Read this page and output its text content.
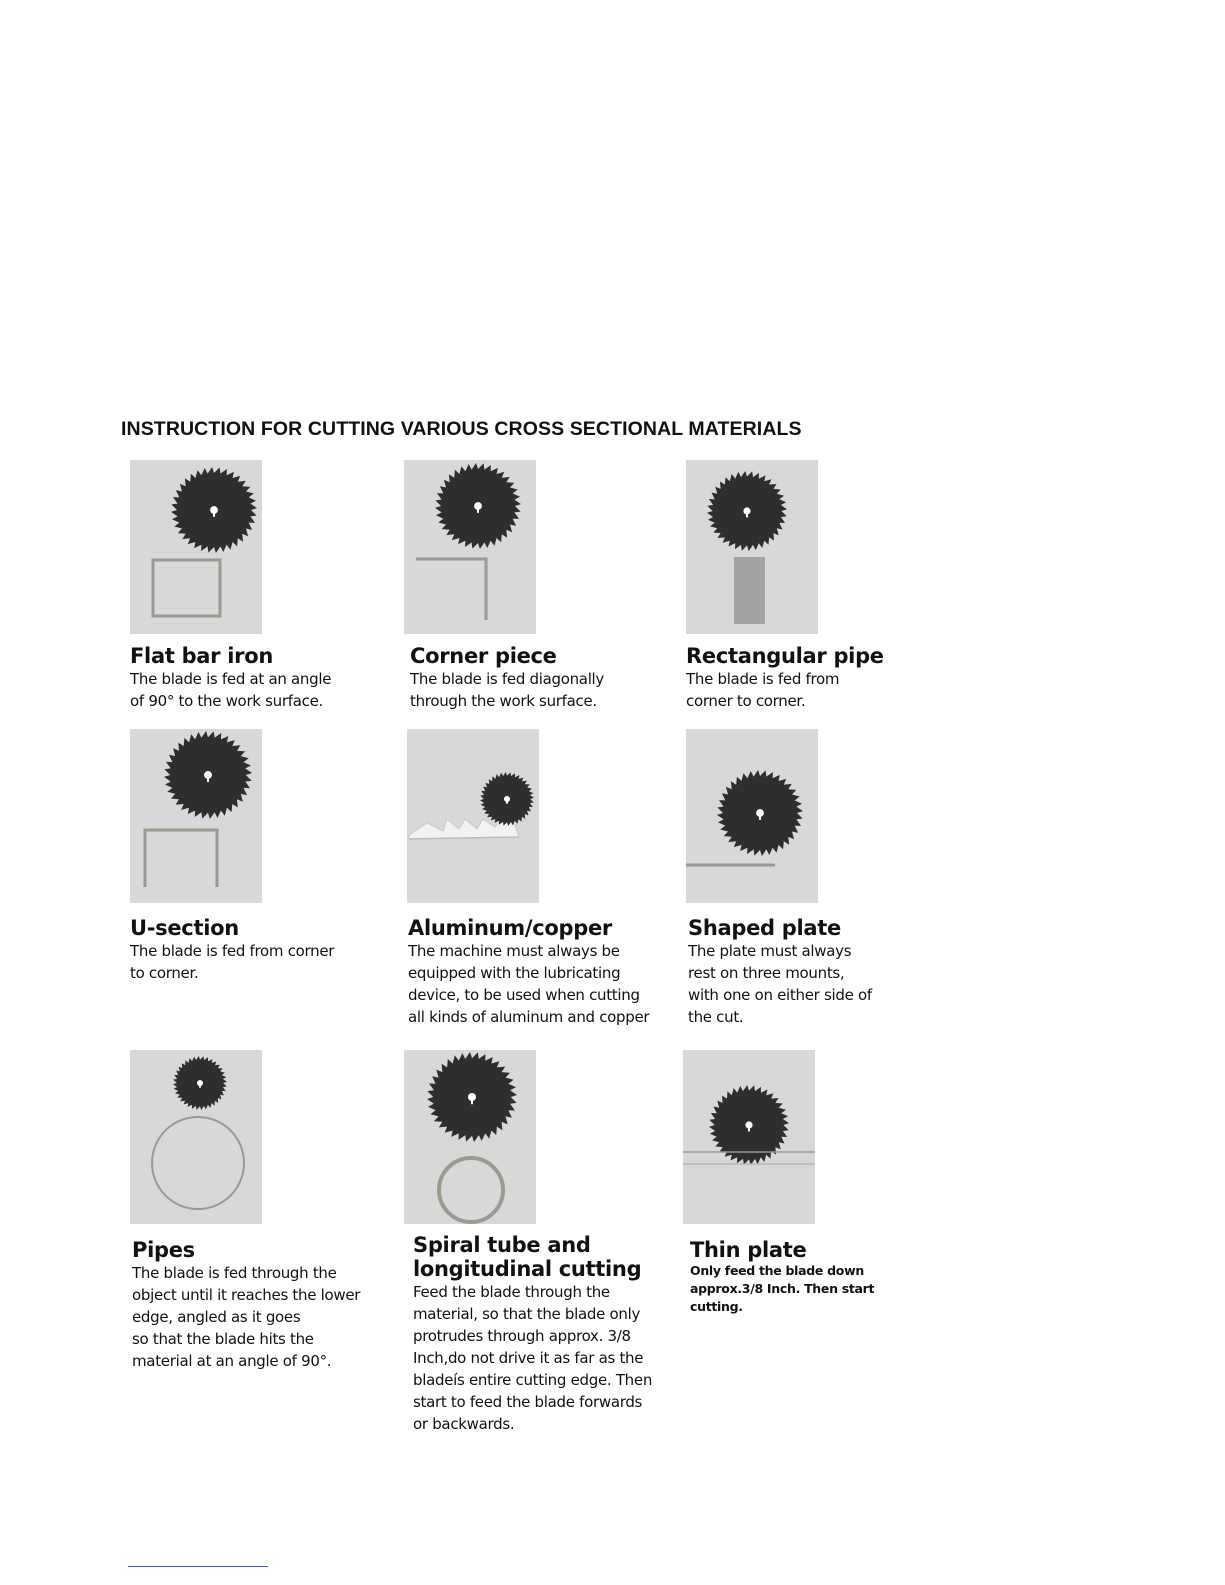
INSTRUCTION FOR CUTTING VARIOUS CROSS SECTIONAL MATERIALS
Flat bar iron
The blade is fed at an angle
of 90° to the work surface.
Corner piece
The blade is fed diagonally
through the work surface.
Rectangular pipe
The blade is fed from
corner to corner.
U-section
The blade is fed from corner
to corner.
Aluminum/copper
The machine must always be
equipped with the lubricating
device, to be used when cutting
all kinds of aluminum and copper
Shaped plate
The plate must always
rest on three mounts,
with one on either side of
the cut.
Pipes
The blade is fed through the
object until it reaches the lower
edge, angled as it goes
so that the blade hits the
material at an angle of 90°.
Spiral tube and
longitudinal cutting
Feed the blade through the
material, so that the blade only
protrudes through approx. 3/8
Inch,do not drive it as far as the
bladeís entire cutting edge. Then
start to feed the blade forwards
or backwards.
Thin plate
Only feed the blade down
approx.3/8 Inch. Then start
cutting.
